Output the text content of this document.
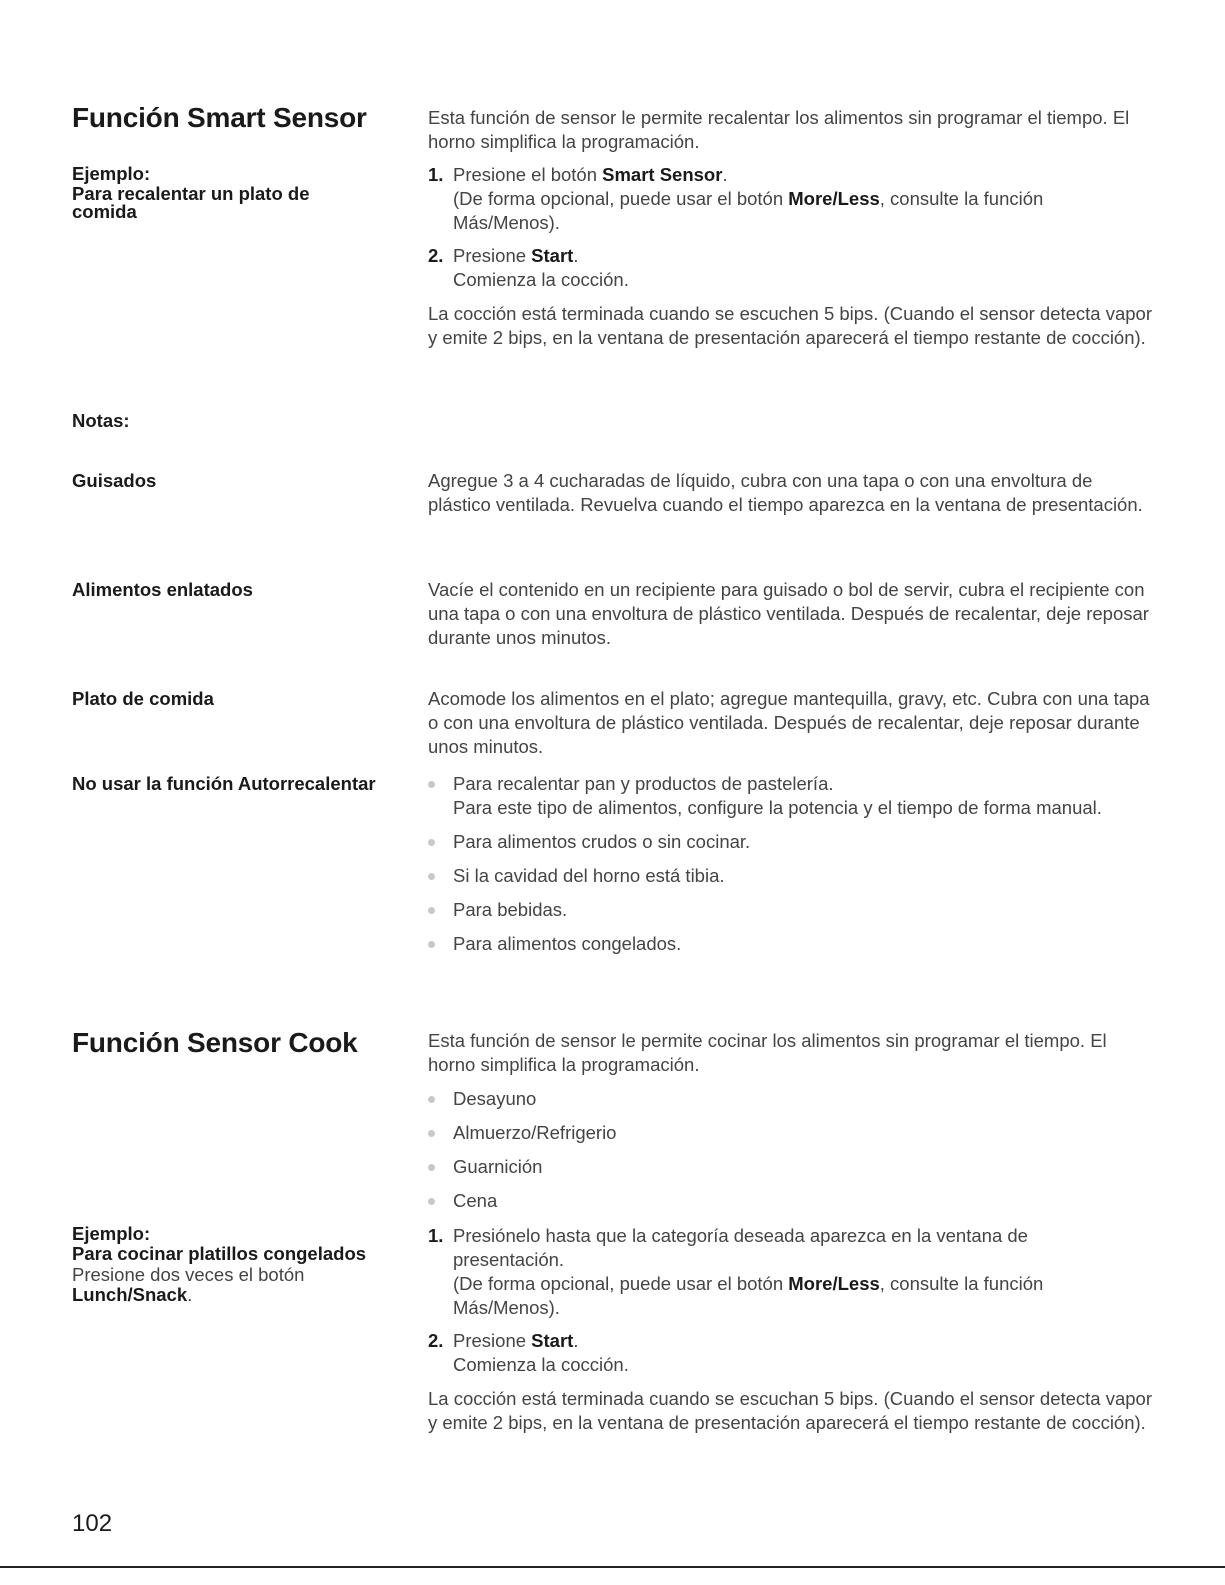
Función Smart Sensor
Ejemplo:
Para recalentar un plato de comida
Esta función de sensor le permite recalentar los alimentos sin programar el tiempo. El horno simplifica la programación.
1. Presione el botón Smart Sensor.
(De forma opcional, puede usar el botón More/Less, consulte la función Más/Menos).
2. Presione Start.
Comienza la cocción.
La cocción está terminada cuando se escuchen 5 bips. (Cuando el sensor detecta vapor y emite 2 bips, en la ventana de presentación aparecerá el tiempo restante de cocción).
Notas:
Guisados	Agregue 3 a 4 cucharadas de líquido, cubra con una tapa o con una envoltura de plástico ventilada. Revuelva cuando el tiempo aparezca en la ventana de presentación.
Alimentos enlatados	Vacíe el contenido en un recipiente para guisado o bol de servir, cubra el recipiente con una tapa o con una envoltura de plástico ventilada. Después de recalentar, deje reposar durante unos minutos.
Plato de comida	Acomode los alimentos en el plato; agregue mantequilla, gravy, etc. Cubra con una tapa o con una envoltura de plástico ventilada. Después de recalentar, deje reposar durante unos minutos.
No usar la función Autorrecalentar	Para recalentar pan y productos de pastelería.
Para este tipo de alimentos, configure la potencia y el tiempo de forma manual.
Para alimentos crudos o sin cocinar.
Si la cavidad del horno está tibia.
Para bebidas.
Para alimentos congelados.
Función Sensor Cook	Esta función de sensor le permite cocinar los alimentos sin programar el tiempo. El horno simplifica la programación.
Desayuno
Almuerzo/Refrigerio
Guarnición
Cena
Ejemplo:
Para cocinar platillos congelados
Presione dos veces el botón
Lunch/Snack.
1. Presiónelo hasta que la categoría deseada aparezca en la ventana de presentación.
(De forma opcional, puede usar el botón More/Less, consulte la función Más/Menos).
2. Presione Start.
Comienza la cocción.
La cocción está terminada cuando se escuchan 5 bips. (Cuando el sensor detecta vapor y emite 2 bips, en la ventana de presentación aparecerá el tiempo restante de cocción).
102
